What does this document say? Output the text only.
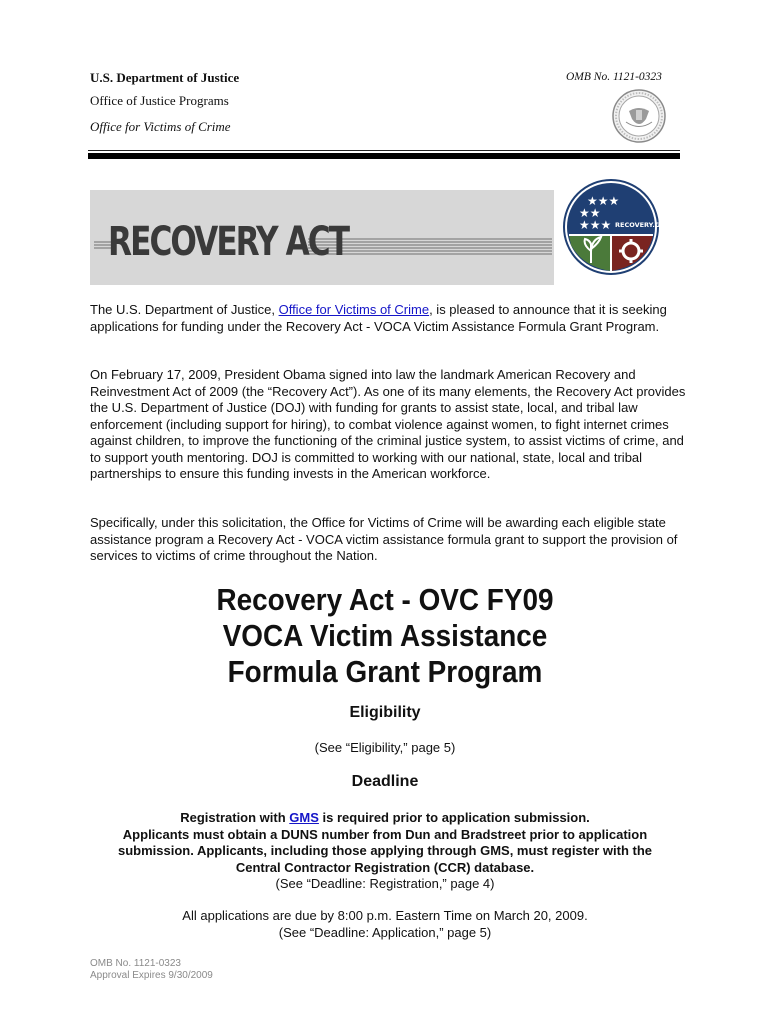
U.S. Department of Justice	OMB No. 1121-0323
Office of Justice Programs
Office for Victims of Crime
RECOVERY ACT
★★★
★★
★★★ RECOVERY.GOV
The U.S. Department of Justice, Office for Victims of Crime, is pleased to announce that it is seeking applications for funding under the Recovery Act - VOCA Victim Assistance Formula Grant Program.
On February 17, 2009, President Obama signed into law the landmark American Recovery and Reinvestment Act of 2009 (the “Recovery Act”). As one of its many elements, the Recovery Act provides the U.S. Department of Justice (DOJ) with funding for grants to assist state, local, and tribal law enforcement (including support for hiring), to combat violence against women, to fight internet crimes against children, to improve the functioning of the criminal justice system, to assist victims of crime, and to support youth mentoring. DOJ is committed to working with our national, state, local and tribal partnerships to ensure this funding invests in the American workforce.
Specifically, under this solicitation, the Office for Victims of Crime will be awarding each eligible state assistance program a Recovery Act - VOCA victim assistance formula grant to support the provision of services to victims of crime throughout the Nation.
Recovery Act - OVC FY09
VOCA Victim Assistance
Formula Grant Program
Eligibility
(See “Eligibility,” page 5)
Deadline
Registration with GMS is required prior to application submission.
Applicants must obtain a DUNS number from Dun and Bradstreet prior to application
submission. Applicants, including those applying through GMS, must register with the
Central Contractor Registration (CCR) database.
(See “Deadline: Registration,” page 4)
All applications are due by 8:00 p.m. Eastern Time on March 20, 2009.
(See “Deadline: Application,” page 5)
OMB No. 1121-0323
Approval Expires 9/30/2009
